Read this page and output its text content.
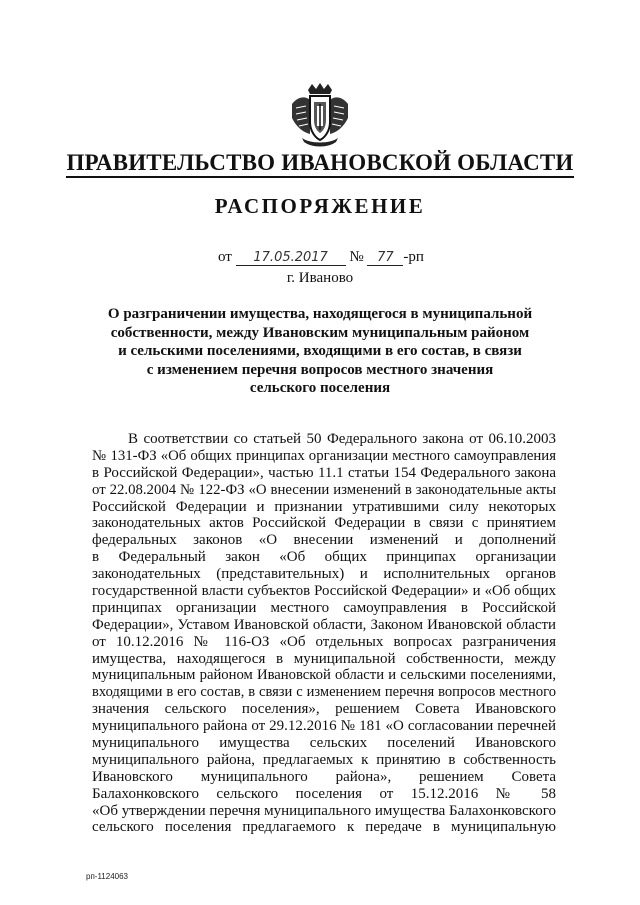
ПРАВИТЕЛЬСТВО ИВАНОВСКОЙ ОБЛАСТИ
РАСПОРЯЖЕНИЕ
от 17.05.2017 № 77 -рп
г. Иваново
О разграничении имущества, находящегося в муниципальной
собственности, между Ивановским муниципальным районом
и сельскими поселениями, входящими в его состав, в связи
с изменением перечня вопросов местного значения
сельского поселения
В соответствии со статьей 50 Федерального закона от 06.10.2003
№ 131-ФЗ «Об общих принципах организации местного самоуправления
в Российской Федерации», частью 11.1 статьи 154 Федерального закона
от 22.08.2004 № 122-ФЗ «О внесении изменений в законодательные акты
Российской Федерации и признании утратившими силу некоторых
законодательных актов Российской Федерации в связи с принятием
федеральных законов «О внесении изменений и дополнений
в Федеральный закон «Об общих принципах организации
законодательных (представительных) и исполнительных органов
государственной власти субъектов Российской Федерации» и «Об общих
принципах организации местного самоуправления в Российской
Федерации», Уставом Ивановской области, Законом Ивановской области
от 10.12.2016 № 116-ОЗ «Об отдельных вопросах разграничения
имущества, находящегося в муниципальной собственности, между
муниципальным районом Ивановской области и сельскими поселениями,
входящими в его состав, в связи с изменением перечня вопросов местного
значения сельского поселения», решением Совета Ивановского
муниципального района от 29.12.2016 № 181 «О согласовании перечней
муниципального имущества сельских поселений Ивановского
муниципального района, предлагаемых к принятию в собственность
Ивановского муниципального района», решением Совета
Балахонковского сельского поселения от 15.12.2016 № 58
«Об утверждении перечня муниципального имущества Балахонковского
сельского поселения предлагаемого к передаче в муниципальную
рп-1124063
